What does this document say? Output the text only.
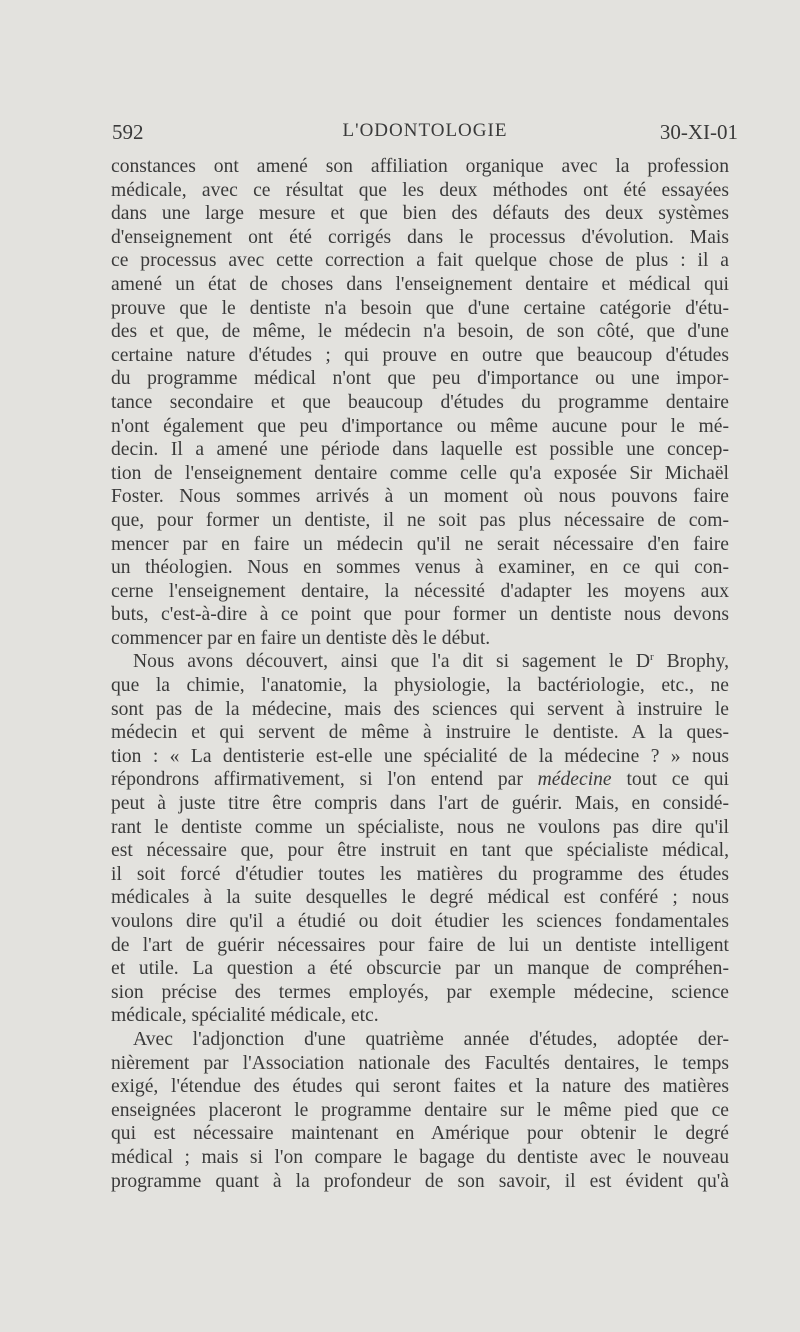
592	L'ODONTOLOGIE	30-XI-01
constances ont amené son affiliation organique avec la profession
médicale, avec ce résultat que les deux méthodes ont été essayées
dans une large mesure et que bien des défauts des deux systèmes
d'enseignement ont été corrigés dans le processus d'évolution. Mais
ce processus avec cette correction a fait quelque chose de plus : il a
amené un état de choses dans l'enseignement dentaire et médical qui
prouve que le dentiste n'a besoin que d'une certaine catégorie d'étu-
des et que, de même, le médecin n'a besoin, de son côté, que d'une
certaine nature d'études ; qui prouve en outre que beaucoup d'études
du programme médical n'ont que peu d'importance ou une impor-
tance secondaire et que beaucoup d'études du programme dentaire
n'ont également que peu d'importance ou même aucune pour le mé-
decin. Il a amené une période dans laquelle est possible une concep-
tion de l'enseignement dentaire comme celle qu'a exposée Sir Michaël
Foster. Nous sommes arrivés à un moment où nous pouvons faire
que, pour former un dentiste, il ne soit pas plus nécessaire de com-
mencer par en faire un médecin qu'il ne serait nécessaire d'en faire
un théologien. Nous en sommes venus à examiner, en ce qui con-
cerne l'enseignement dentaire, la nécessité d'adapter les moyens aux
buts, c'est-à-dire à ce point que pour former un dentiste nous devons
commencer par en faire un dentiste dès le début.
Nous avons découvert, ainsi que l'a dit si sagement le $D^r$ Brophy,
que la chimie, l'anatomie, la physiologie, la bactériologie, etc., ne
sont pas de la médecine, mais des sciences qui servent à instruire le
médecin et qui servent de même à instruire le dentiste. A la ques-
tion : « La dentisterie est-elle une spécialité de la médecine ? » nous
répondrons affirmativement, si l'on entend par médecine tout ce qui
peut à juste titre être compris dans l'art de guérir. Mais, en considé-
rant le dentiste comme un spécialiste, nous ne voulons pas dire qu'il
est nécessaire que, pour être instruit en tant que spécialiste médical,
il soit forcé d'étudier toutes les matières du programme des études
médicales à la suite desquelles le degré médical est conféré ; nous
voulons dire qu'il a étudié ou doit étudier les sciences fondamentales
de l'art de guérir nécessaires pour faire de lui un dentiste intelligent
et utile. La question a été obscurcie par un manque de compréhen-
sion précise des termes employés, par exemple médecine, science
médicale, spécialité médicale, etc.
Avec l'adjonction d'une quatrième année d'études, adoptée der-
nièrement par l'Association nationale des Facultés dentaires, le temps
exigé, l'étendue des études qui seront faites et la nature des matières
enseignées placeront le programme dentaire sur le même pied que ce
qui est nécessaire maintenant en Amérique pour obtenir le degré
médical ; mais si l'on compare le bagage du dentiste avec le nouveau
programme quant à la profondeur de son savoir, il est évident qu'à
